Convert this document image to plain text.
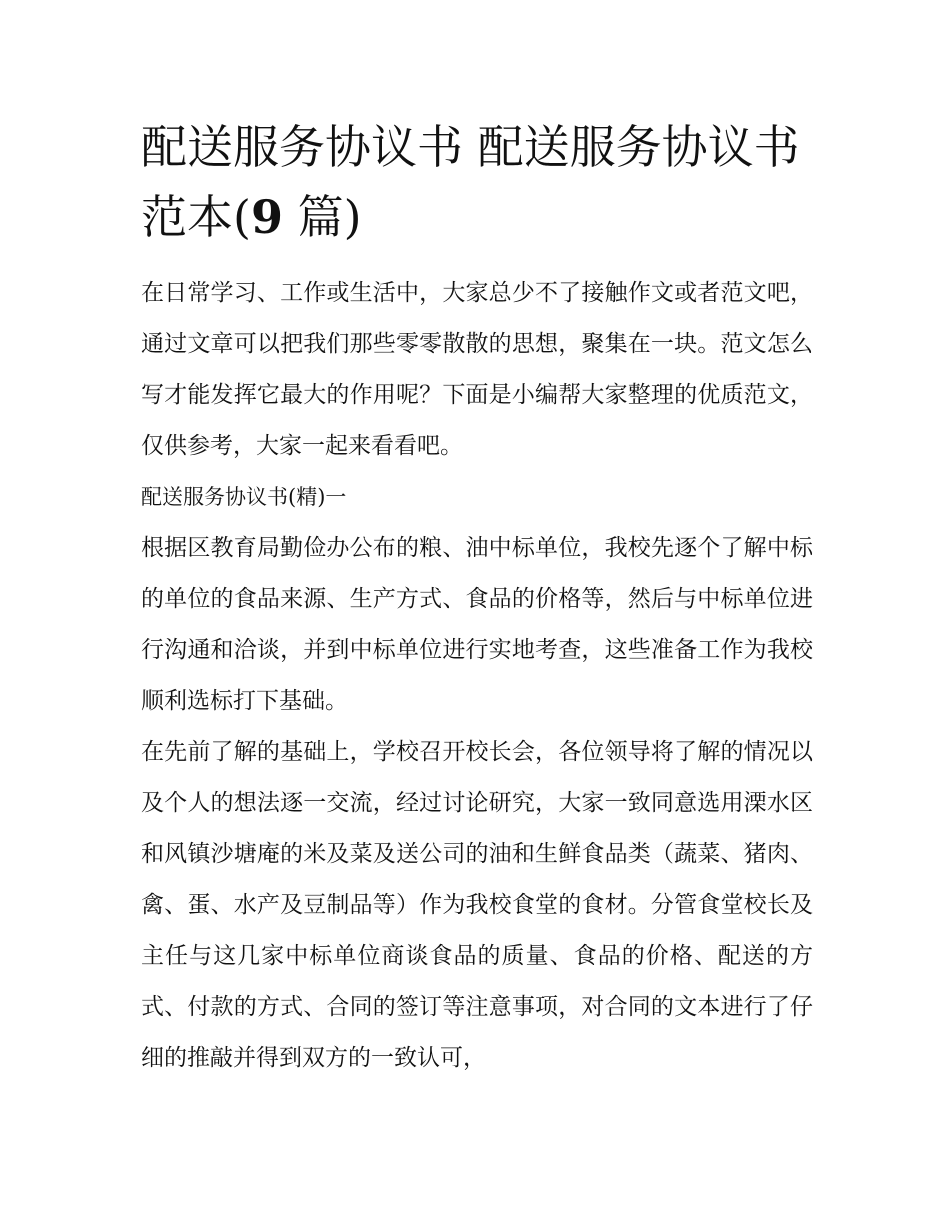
配送服务协议书 配送服务协议书范本(9 篇)

在日常学习、工作或生活中，大家总少不了接触作文或者范文吧，通过文章可以把我们那些零零散散的思想，聚集在一块。范文怎么写才能发挥它最大的作用呢？下面是小编帮大家整理的优质范文，仅供参考，大家一起来看看吧。

配送服务协议书(精)一

根据区教育局勤俭办公布的粮、油中标单位，我校先逐个了解中标的单位的食品来源、生产方式、食品的价格等，然后与中标单位进行沟通和洽谈，并到中标单位进行实地考查，这些准备工作为我校顺利选标打下基础。

在先前了解的基础上，学校召开校长会，各位领导将了解的情况以及个人的想法逐一交流，经过讨论研究，大家一致同意选用溧水区和风镇沙塘庵的米及菜及送公司的油和生鲜食品类（蔬菜、猪肉、禽、蛋、水产及豆制品等）作为我校食堂的食材。分管食堂校长及主任与这几家中标单位商谈食品的质量、食品的价格、配送的方式、付款的方式、合同的签订等注意事项，对合同的文本进行了仔细的推敲并得到双方的一致认可，
